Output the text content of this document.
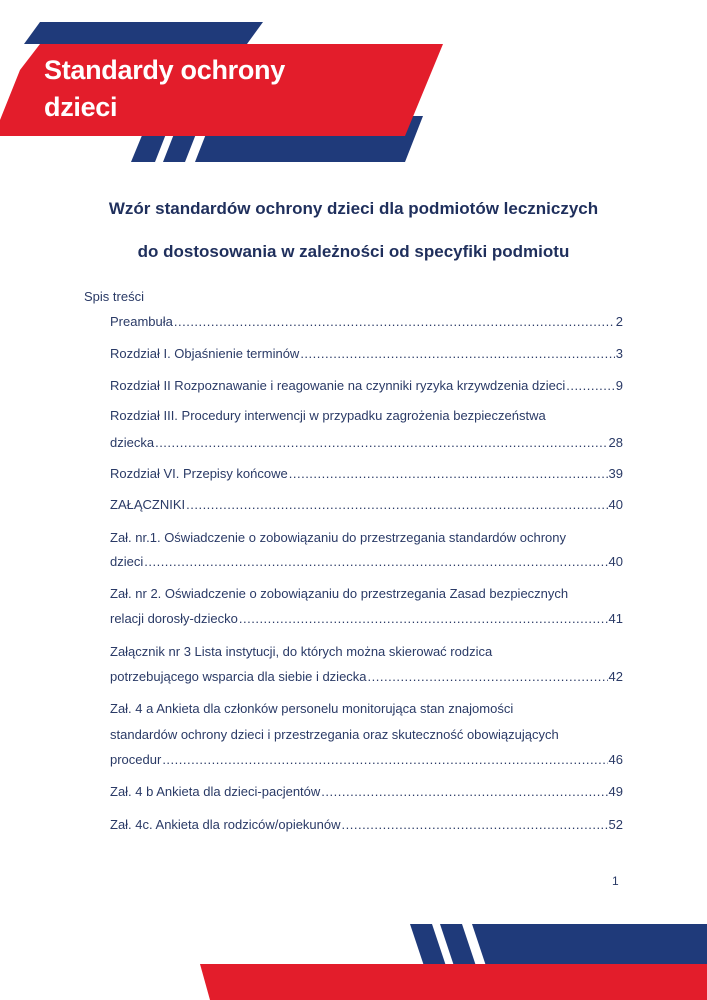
Standardy ochrony
dzieci
Wzór standardów ochrony dzieci dla podmiotów leczniczych
do dostosowania w zależności od specyfiki podmiotu
Spis treści
Preambuła .....	2
Rozdział I. Objaśnienie terminów .....	3
Rozdział II Rozpoznawanie i reagowanie na czynniki ryzyka krzywdzenia dzieci .....	9
Rozdział III. Procedury interwencji w przypadku zagrożenia bezpieczeństwa
dziecka .....	28
Rozdział VI. Przepisy końcowe .....	39
ZAŁĄCZNIKI .....	40
Zał. nr.1. Oświadczenie o zobowiązaniu do przestrzegania standardów ochrony
dzieci .....	40
Zał. nr 2. Oświadczenie o zobowiązaniu do przestrzegania Zasad bezpiecznych
relacji dorosły-dziecko .....	41
Załącznik nr 3 Lista instytucji, do których można skierować rodzica
potrzebującego wsparcia dla siebie i dziecka .....	42
Zał. 4 a Ankieta dla członków personelu monitorująca stan znajomości
standardów ochrony dzieci i przestrzegania oraz skuteczność obowiązujących
procedur .....	46
Zał. 4 b Ankieta dla dzieci-pacjentów .....	49
Zał. 4c. Ankieta dla rodziców/opiekunów .....	52
1
